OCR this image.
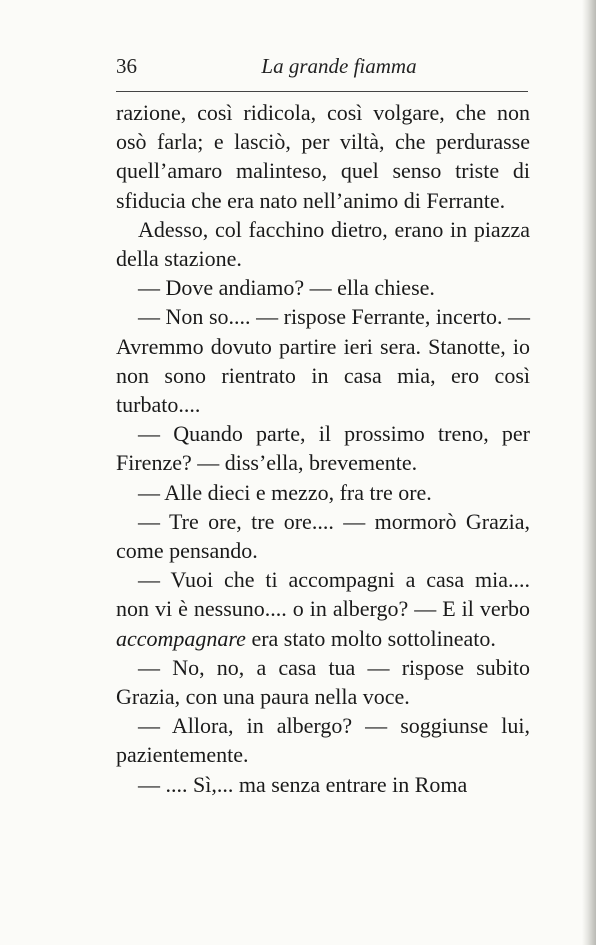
36	La grande fiamma

razione, così ridicola, così volgare, che non osò farla; e lasciò, per viltà, che perdurasse quell’amaro malinteso, quel senso triste di sfiducia che era nato nell’animo di Ferrante.

Adesso, col facchino dietro, erano in piazza della stazione.

— Dove andiamo? — ella chiese.

— Non so.... — rispose Ferrante, incerto. — Avremmo dovuto partire ieri sera. Stanotte, io non sono rientrato in casa mia, ero così turbato....

— Quando parte, il prossimo treno, per Firenze? — diss’ella, brevemente.

— Alle dieci e mezzo, fra tre ore.

— Tre ore, tre ore.... — mormorò Grazia, come pensando.

— Vuoi che ti accompagni a casa mia.... non vi è nessuno.... o in albergo? — E il verbo accompagnare era stato molto sottolineato.

— No, no, a casa tua — rispose subito Grazia, con una paura nella voce.

— Allora, in albergo? — soggiunse lui, pazientemente.

— .... Sì,... ma senza entrare in Roma
